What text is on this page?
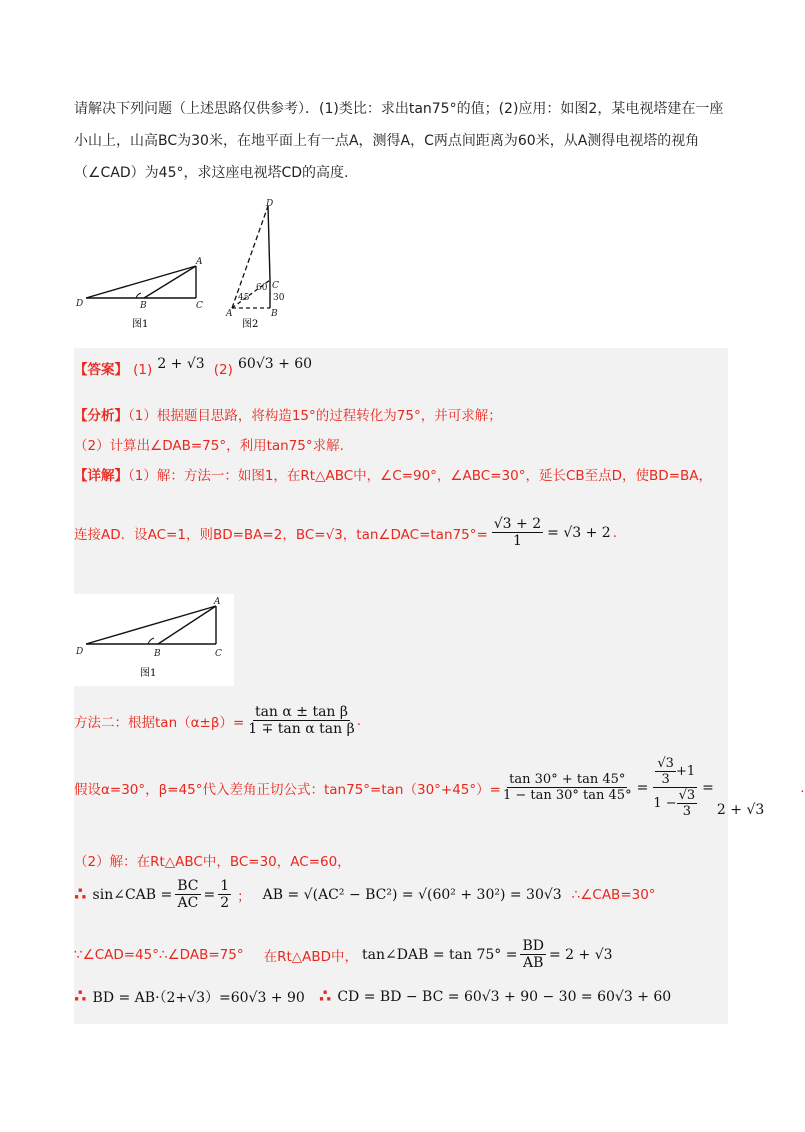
请解决下列问题（上述思路仅供参考）．(1)类比：求出tan75°的值；(2)应用：如图2，某电视塔建在一座
小山上，山高BC为30米，在地平面上有一点A，测得A，C两点间距离为60米，从A测得电视塔的视角
（∠CAD）为45°，求这座电视塔CD的高度.
D	B	C
A
图1
D
C
B
A
45
60
30
图2
【答案】 (1) 2 + √3 (2) 60√3 + 60
【分析】（1）根据题目思路，将构造15°的过程转化为75°，并可求解；
（2）计算出∠DAB=75°，利用tan75°求解.
【详解】（1）解：方法一：如图1，在Rt△ABC中，∠C=90°，∠ABC=30°，延长CB至点D，使BD=BA，
连接AD．设AC=1，则BD=BA=2，BC=√3，tan∠DAC=tan75°= $\frac{√3 + 2}{1} = √3 + 2$ .
D	B	C
A
图1
方法二：根据$\tan(\alpha\pm\beta)= \frac{\text{tan α ± tan β}}{\text{1 ∓ tan α tan β}}$ .
假设α=30°，β=45°代入差角正切公式：$\tan 75^\circ=\tan(30^\circ+45^\circ)= \frac{\tan 30^\circ + \tan 45^\circ}{1 - \tan 30^\circ \tan 45^\circ} = \frac{\frac{√3}{3} +1}{1 - \frac{√3}{3}}$ =
2 + √3
.
（2）解：在Rt△ABC中，BC=30，AC=60，
∴ sin∠CAB = $\frac{BC}{AC} = \frac{1}{2}$ ； AB = √(AC² − BC²) = √(60² + 30²) = 30√3 ∴∠CAB=30°
∵∠CAD=45°∴∠DAB=75° 在Rt△ABD中， tan∠DAB = $\tan 75^\circ = \frac{BD}{AB} = 2 + √3$
∴ BD = AB·（2+√3）=60√3 + 90 ∴ CD = BD − BC = 60√3 + 90 − 30 = 60√3 + 60
